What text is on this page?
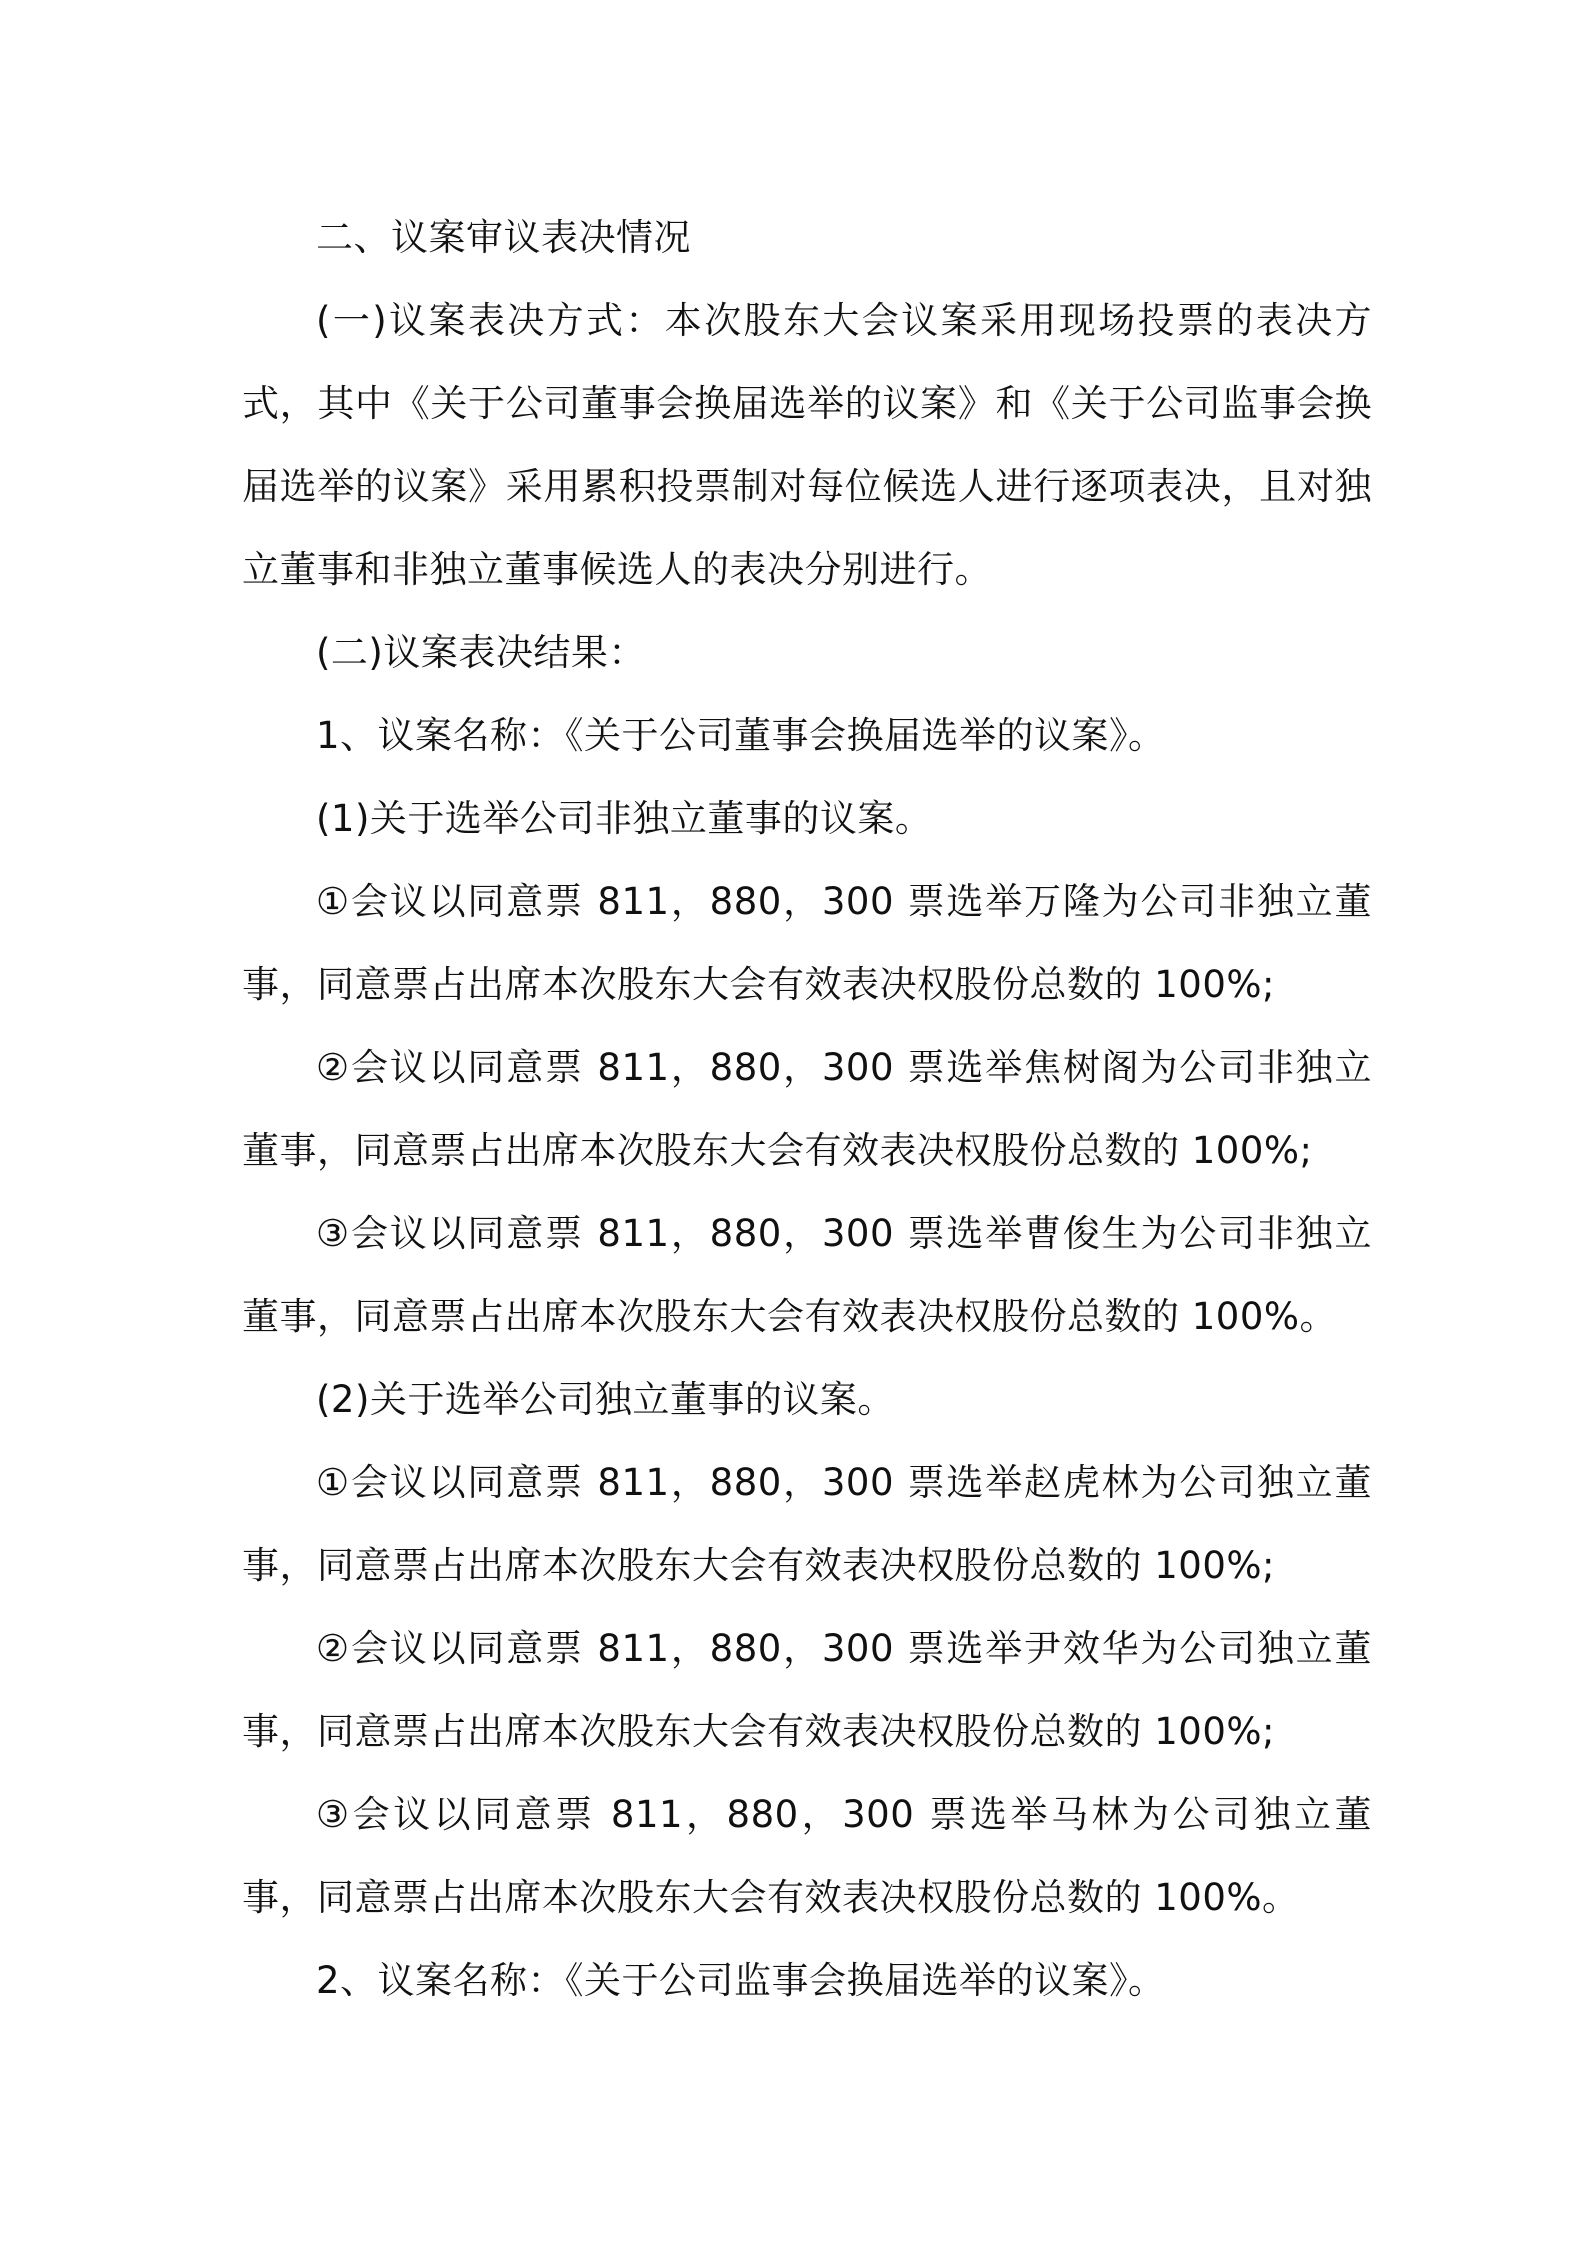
二、议案审议表决情况

(一)议案表决方式：本次股东大会议案采用现场投票的表决方式，其中《关于公司董事会换届选举的议案》和《关于公司监事会换届选举的议案》采用累积投票制对每位候选人进行逐项表决，且对独立董事和非独立董事候选人的表决分别进行。

(二)议案表决结果：

1、议案名称：《关于公司董事会换届选举的议案》。

(1)关于选举公司非独立董事的议案。

①会议以同意票 811，880，300 票选举万隆为公司非独立董事，同意票占出席本次股东大会有效表决权股份总数的 100%;

②会议以同意票 811，880，300 票选举焦树阁为公司非独立董事，同意票占出席本次股东大会有效表决权股份总数的 100%;

③会议以同意票 811，880，300 票选举曹俊生为公司非独立董事，同意票占出席本次股东大会有效表决权股份总数的 100%。

(2)关于选举公司独立董事的议案。

①会议以同意票 811，880，300 票选举赵虎林为公司独立董事，同意票占出席本次股东大会有效表决权股份总数的 100%;

②会议以同意票 811，880，300 票选举尹效华为公司独立董事，同意票占出席本次股东大会有效表决权股份总数的 100%;

③会议以同意票 811，880，300 票选举马林为公司独立董事，同意票占出席本次股东大会有效表决权股份总数的 100%。

2、议案名称：《关于公司监事会换届选举的议案》。
